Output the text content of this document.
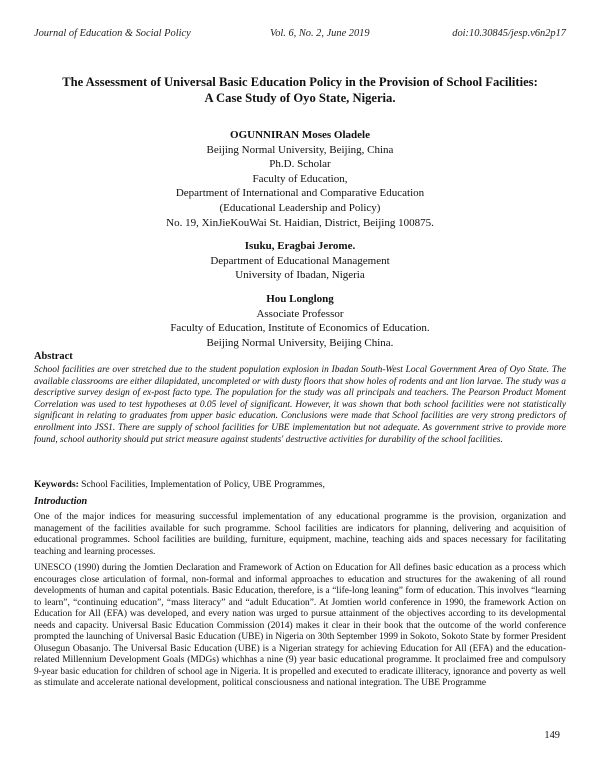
Journal of Education & Social Policy	Vol. 6, No. 2, June 2019	doi:10.30845/jesp.v6n2p17
The Assessment of Universal Basic Education Policy in the Provision of School Facilities:
A Case Study of Oyo State, Nigeria.
OGUNNIRAN Moses Oladele
Beijing Normal University, Beijing, China
Ph.D. Scholar
Faculty of Education,
Department of International and Comparative Education
(Educational Leadership and Policy)
No. 19, XinJieKouWai St. Haidian, District, Beijing 100875.
Isuku, Eragbai Jerome.
Department of Educational Management
University of Ibadan, Nigeria
Hou Longlong
Associate Professor
Faculty of Education, Institute of Economics of Education.
Beijing Normal University, Beijing China.
Abstract

School facilities are over stretched due to the student population explosion in Ibadan South-West Local Government Area of Oyo State. The available classrooms are either dilapidated, uncompleted or with dusty floors that show holes of rodents and ant lion larvae. The study was a descriptive survey design of ex-post facto type. The population for the study was all principals and teachers. The Pearson Product Moment Correlation was used to test hypotheses at 0.05 level of significant. However, it was shown that both school facilities were not statistically significant in relating to graduates from upper basic education. Conclusions were made that School facilities are very strong predictors of enrollment into JSS1. There are supply of school facilities for UBE implementation but not adequate. As government strive to provide more found, school authority should put strict measure against students' destructive activities for durability of the school facilities.

Keywords: School Facilities, Implementation of Policy, UBE Programmes,
Introduction

One of the major indices for measuring successful implementation of any educational programme is the provision, organization and management of the facilities available for such programme. School facilities are indicators for planning, delivering and acquisition of educational programmes. School facilities are building, furniture, equipment, machine, teaching aids and spaces necessary for facilitating teaching and learning processes.

UNESCO (1990) during the Jomtien Declaration and Framework of Action on Education for All defines basic education as a process which encourages close articulation of formal, non-formal and informal approaches to education and structures for the awakening of all round developments of human and capital potentials. Basic Education, therefore, is a “life-long leaning” form of education. This involves “learning to learn”, “continuing education”, “mass literacy” and “adult Education”. At Jomtien world conference in 1990, the framework Action on Education for All (EFA) was developed, and every nation was urged to pursue attainment of the objectives according to its developmental needs and capacity. Universal Basic Education Commission (2014) makes it clear in their book that the outcome of the world conference prompted the launching of Universal Basic Education (UBE) in Nigeria on 30th September 1999 in Sokoto, Sokoto State by former President Olusegun Obasanjo. The Universal Basic Education (UBE) is a Nigerian strategy for achieving Education for All (EFA) and the education-related Millennium Development Goals (MDGs) whichhas a nine (9) year basic educational programme. It proclaimed free and compulsory 9-year basic education for children of school age in Nigeria. It is propelled and executed to eradicate illiteracy, ignorance and poverty as well as stimulate and accelerate national development, political consciousness and national integration. The UBE Programme

149
